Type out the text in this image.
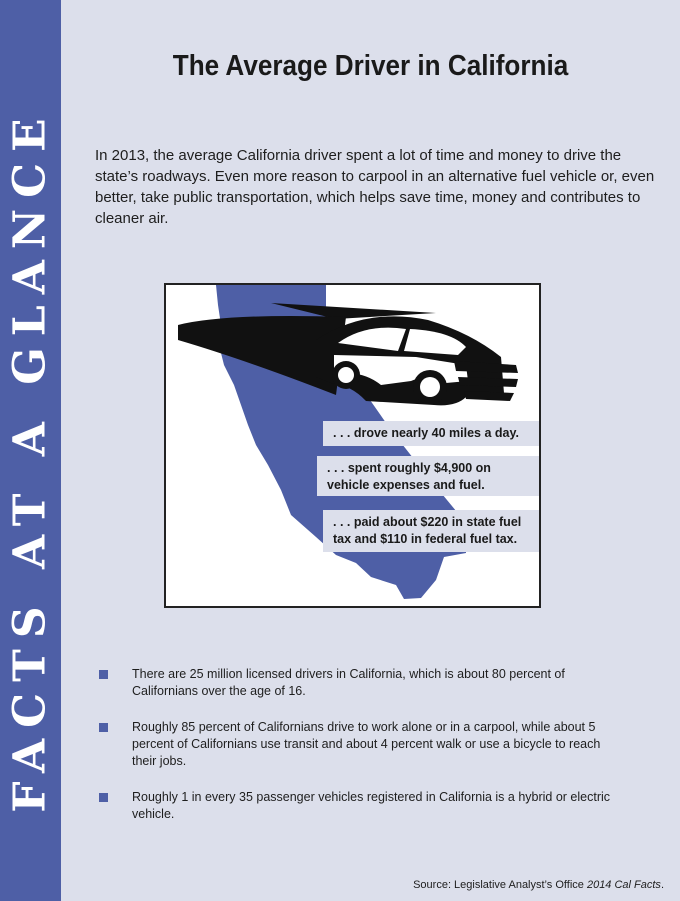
FACTS AT A GLANCE
The Average Driver in California

In 2013, the average California driver spent a lot of time and money to drive the state’s roadways. Even more reason to carpool in an alternative fuel vehicle or, even better, take public transportation, which helps save time, money and contributes to cleaner air.

. . . drove nearly 40 miles a day.
. . . spent roughly $4,900 on vehicle expenses and fuel.
. . . paid about $220 in state fuel tax and $110 in federal fuel tax.
There are 25 million licensed drivers in California, which is about 80 percent of Californians over the age of 16.
Roughly 85 percent of Californians drive to work alone or in a carpool, while about 5 percent of Californians use transit and about 4 percent walk or use a bicycle to reach their jobs.
Roughly 1 in every 35 passenger vehicles registered in California is a hybrid or electric vehicle.
Source: Legislative Analyst’s Office 2014 Cal Facts.
